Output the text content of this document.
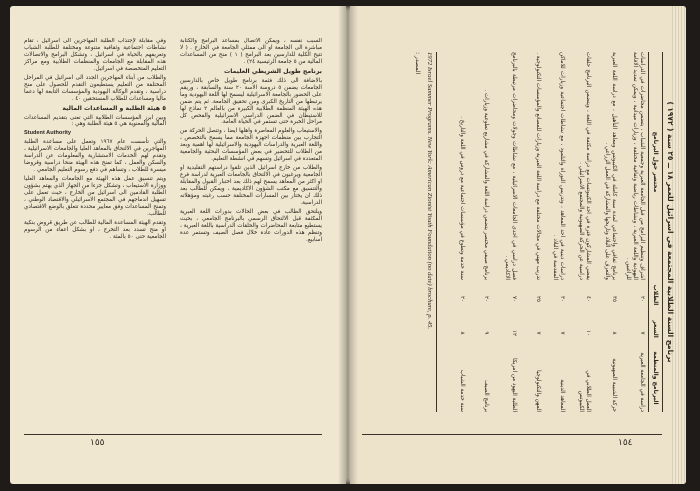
وفي مقابلة لإجتذاب الطلبة المهاجرين الى اسرائيل ، تقام نشاطات اجتماعية وثقافية متنوعة ومختلفة للطلبة الشباب وتعريفهم بالحياة في اسرائيل ، وتشكل البرامج والاتصالات هذه المقابلة مع الجامعات والمنظمات الطلابية ومع مراكز التعليم المتخصصة في اسرائيل.

والطلاب من أبناء المهاجرين الجدد الى اسرائيل في المراحل المختلفة من التعليم يستطيعون التقدم للحصول على منح دراسية ، وتقدم الوكالة اليهودية والمؤسسات التابعة لها دعما ماليا ومساعدات للطلاب المستحقين ٤٠ .

٥ هيئة الطلبة و المساعدات المالية

وبين ابرز المؤسسات الطلابية التي تعنى بتقديم المساعدات المالية والمعنوية هي ٥ هيئة الطلبة وهي :

Student Authority

والتي تأسست عام ١٩٦٧ وتعمل على مساعدة الطلبة المهاجرين في الالتحاق بالمعاهد العليا والجامعات الاسرائيلية ، وتقدم لهم الخدمات الاستشارية والمعلومات عن الدراسة والسكن والعمل ، كما تمنح هذه الهيئة منحا دراسية وقروضا ميسرة للطلاب ، وتساهم في دفع رسوم التعليم الجامعي .

ويتم تنسيق عمل هذه الهيئة مع الجامعات والمعاهد العليا ووزارة الاستيعاب ، وتشكل جزءا من الجهاز الذي يهتم بشؤون الطلبة القادمين الى اسرائيل من الخارج ، حيث تعمل على تسهيل اندماجهم في المجتمع الاسرائيلي والاقتصاد الوطني ، وتمنح المساعدات وفق معايير محددة تتعلق بالوضع الاقتصادي للطالب.

وتقدم الهيئة المساعدة المالية للطالب عن طريق قروض بنكية او منح تسدد بعد التخرج ، او بشكل اعفاء من الرسوم الجامعية حتى ٥٠ بالمئة .

السبب نفسه ، ويمكن الاتصال بمساعد البرامج والكتابة مباشرة الى الجامعة او الى ممثلي الجامعة في الخارج . ( لا تتيح الكلية للدارسين بعد البرامج ( ١ ) منح من المساعدات المالية من ٥ جامعة الرئيسية ٢٤) .

برنامج طويل الشريطي العليمات

بالاضافة الى ذلك فثمة برنامج طويل خاص بالدارسين الجامعات يضمن ٥ دروسة الاسة ٢٠ سنة والسابقة ، وريقم على الحضور بالجامعة الاسرائيلية ليسمح لها اللغة اليهودية وما يرتبطها من التاريخ الكبرى ومن تحقيق الجامعة. ثم يتم ضمن هذه الهيئة المنظمة الطلابية الكبيرة من بالعالم ٢ نماذج لها للاستيطان في الضمن الدراسي الاسرائيلية والفحص كل مراحل الخبرة حتى تستمر في الحياة العامة.

والاستيعاب والعلوم المعاصرة واهلها ايضا ، وتتصل الحركة من التجارب بين منظمات اجهزة الجامعة مما يسمح بالتخصص ، واللغة العبرية والدراسات اليهودية والاسرائيلية لها اهمية وبعد من الطلاب للتحضير في بعض المؤسسات البحثية والجامعية المتعددة في اسرائيل وتسهم في انشطة التعليم.

والطلاب من خارج اسرائيل الذين تلقوا دراستهم التقليدية او الجامعية ويرغبون في الالتحاق بالجامعات العبرية لدراسة فرع او اكثر من المعاهد يسمح لهم ذلك بعد اختبار القبول والمقابلة والتنسيق مع مكتب الشؤون الاكاديمية ، ويمكن للطالب بعد ذلك ان يختار بين المسارات المختلفة حسب رغبته ومؤهلاته الدراسية.

ويلتحق الطالب في بعض الحالات بدورات اللغة العبرية المكثفة قبل الالتحاق الرسمي بالبرنامج الجامعي ، بحيث يستطيع متابعة المحاضرات والحلقات الدراسية باللغة العبرية ، وتنظم هذه الدورات عادة خلال فصل الصيف وتستمر عدة اسابيع.

١٥٥	١٥٤
برنامج السنة الطلابية المجتمعة في اسرائيل للعمر ١٨ ــ ٢٥ سنة ( ١٩٧٢ )
البرنامج والمنظمة
السعر
الطلاب
مختصر حول البرنامج
دراسة في الجامعة العبرية
٧
٢٠
اشراف وتنظيم البرامج من قبل الجامعة العبرية وجمعية الشباب ، يتضمن محاضرات في الدراسات اليهودية واللغة العبرية ، ونشاطات رياضية وثقافية مختلفة ، وزيارات ميدانية ، ويمكن تمديد الاقامة للراغبين .
حركة الشبيبة الصهيونية
٨
٣٥
برنامج ثقافي واجتماعي لمدة سنة كاملة في الكيبوتس ومعاهد التأهيل ، مع دراسة اللغة العبرية والتعرف على البلاد وتاريخها والمشاركة في العمل الزراعي .
العمل الطلابي في الكيبوتس
١٠
٤٠
يقضي المشاركون فترة في احد الكيبوتسات مع دراسة مكثفة في اللغة ، ويتضمن البرنامج حلقات دراسية عن الحركة الصهيونية والمجتمع الاسرائيلي .
المعاهد الدينية
٧
٣٠
دراسات دينية في احد المعاهد ، وتدريس التوراة والتلمود ، مع نشاطات اجتماعية وزيارات للاماكن المقدسة في البلاد .
المهن والتكنولوجيا
٧
٢٥
تدريب مهني في مجالات مختلفة مع دراسة اللغة العبرية وزيارات للمصانع والمؤسسات التكنولوجية .
الطلبة اليهود من امريكا
١٢
٧٠
فصل دراسي في احدى الجامعات الاسرائيلية ، مع نشاطات وجولات ومحاضرات مرتبطة بالبرنامج الاكاديمي .
برنامج الصيف
٩
٢٠
برنامج صيفي مختصر يتضمن دراسة اللغة والمشاركة في مشاريع تطوعية وزيارات .
سنة خدمة الشباب
٨
٢٠
سنة خدمة وتطوع في مؤسسات اجتماعية مع دروس في اللغة والتاريخ .
1972 Israel Summer Programs. New York: American Zionist Youth Foundation (no date) brochure, p. 45.
المصدر :
